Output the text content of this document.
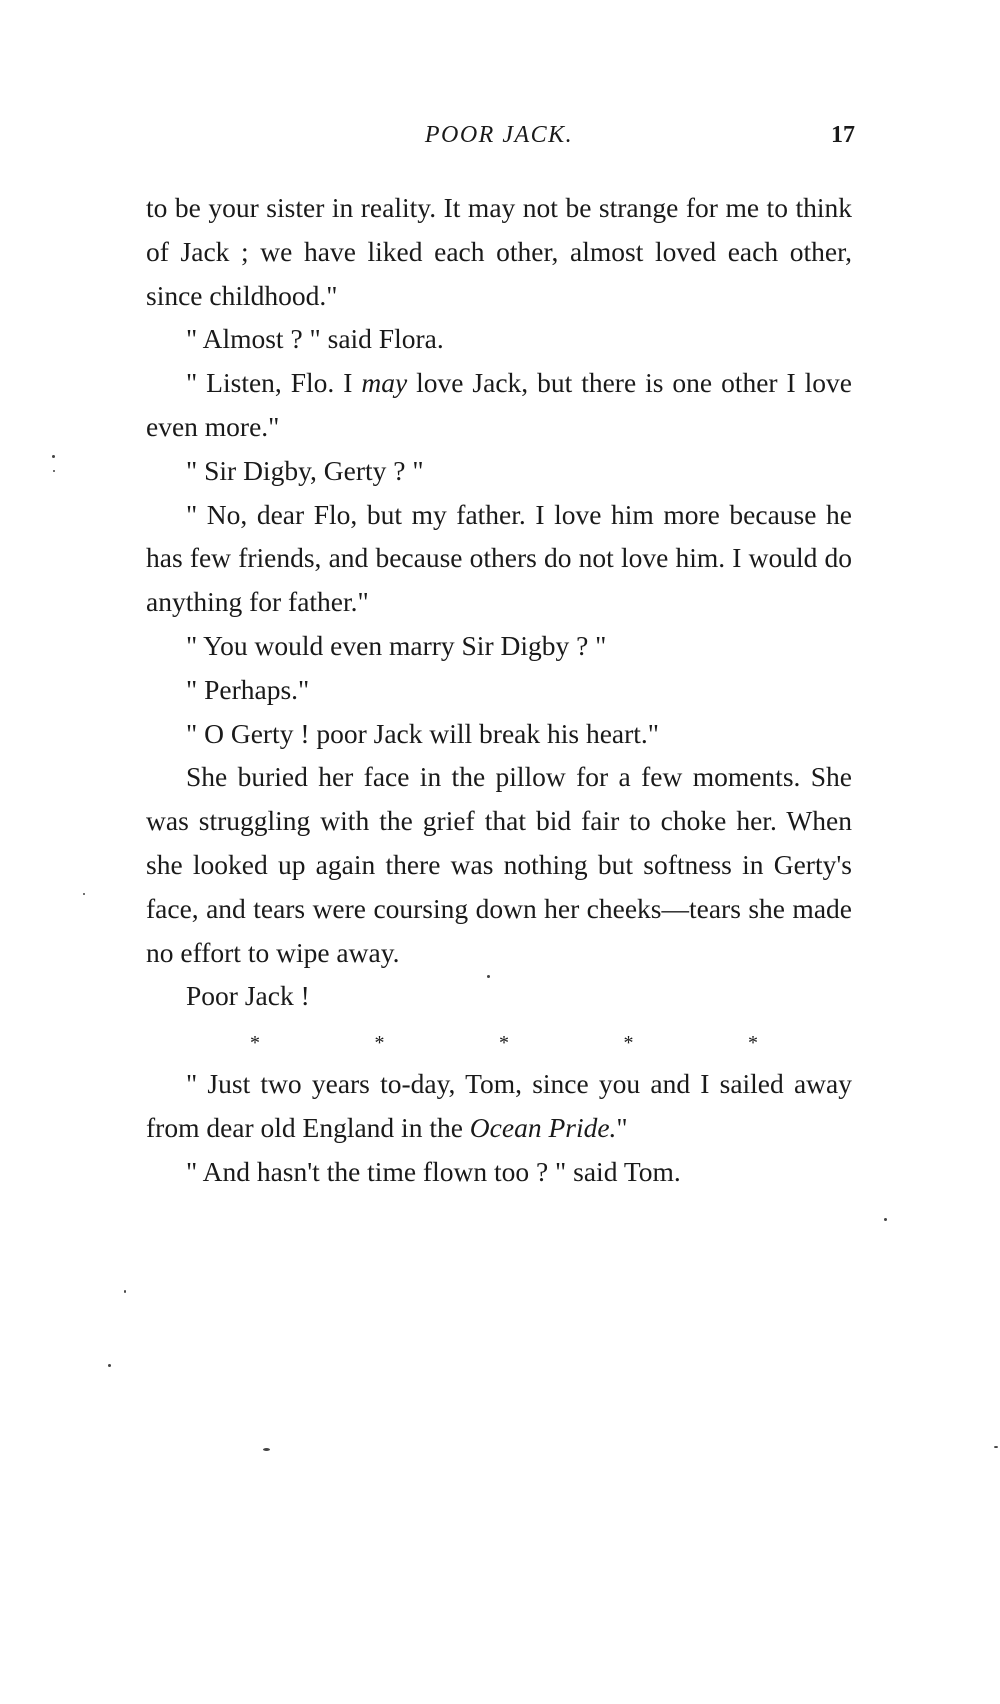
POOR JACK.	17

to be your sister in reality. It may not be strange for me to think of Jack ; we have liked each other, almost loved each other, since childhood."

" Almost ? " said Flora.

" Listen, Flo. I may love Jack, but there is one other I love even more."

" Sir Digby, Gerty ? "

" No, dear Flo, but my father. I love him more because he has few friends, and because others do not love him. I would do anything for father."

" You would even marry Sir Digby ? "

" Perhaps."

" O Gerty ! poor Jack will break his heart."

She buried her face in the pillow for a few moments. She was struggling with the grief that bid fair to choke her. When she looked up again there was nothing but softness in Gerty's face, and tears were coursing down her cheeks—tears she made no effort to wipe away.

Poor Jack !

*	*	*	*	*

" Just two years to-day, Tom, since you and I sailed away from dear old England in the Ocean Pride."

" And hasn't the time flown too ? " said Tom.
